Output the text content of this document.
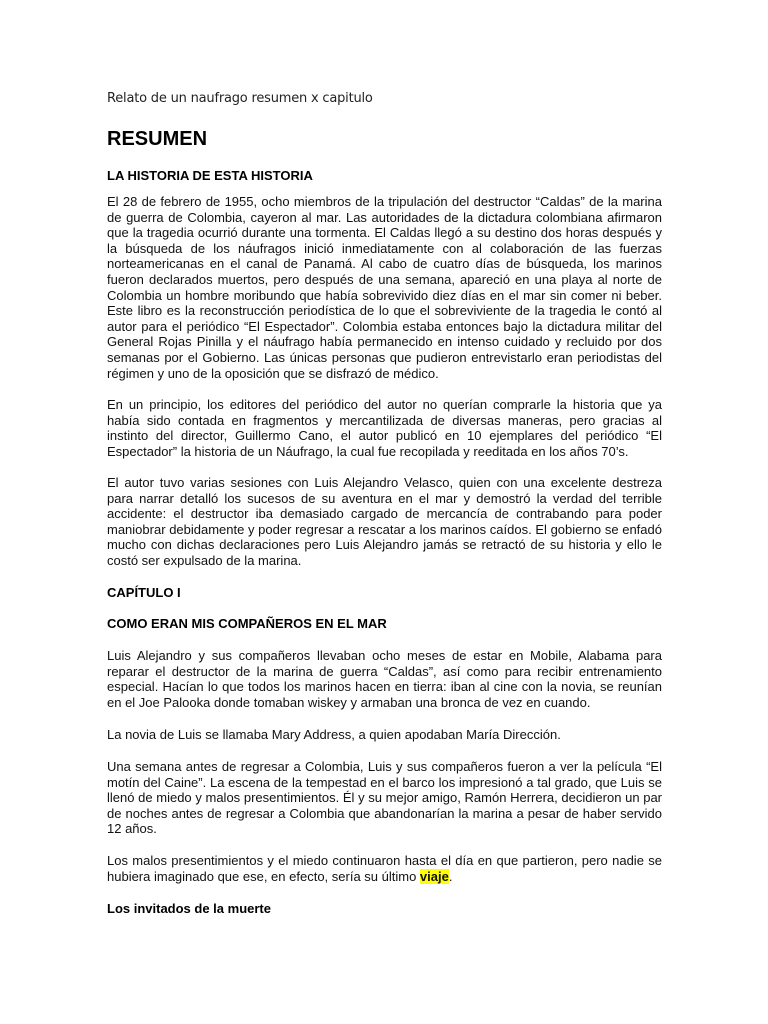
Relato de un naufrago resumen x capitulo
RESUMEN
LA HISTORIA DE ESTA HISTORIA
El 28 de febrero de 1955, ocho miembros de la tripulación del destructor “Caldas” de la marina de guerra de Colombia, cayeron al mar. Las autoridades de la dictadura colombiana afirmaron que la tragedia ocurrió durante una tormenta. El Caldas llegó a su destino dos horas después y la búsqueda de los náufragos inició inmediatamente con al colaboración de las fuerzas norteamericanas en el canal de Panamá. Al cabo de cuatro días de búsqueda, los marinos fueron declarados muertos, pero después de una semana, apareció en una playa al norte de Colombia un hombre moribundo que había sobrevivido diez días en el mar sin comer ni beber. Este libro es la reconstrucción periodística de lo que el sobreviviente de la tragedia le contó al autor para el periódico “El Espectador”. Colombia estaba entonces bajo la dictadura militar del General Rojas Pinilla y el náufrago había permanecido en intenso cuidado y recluido por dos semanas por el Gobierno. Las únicas personas que pudieron entrevistarlo eran periodistas del régimen y uno de la oposición que se disfrazó de médico.
En un principio, los editores del periódico del autor no querían comprarle la historia que ya había sido contada en fragmentos y mercantilizada de diversas maneras, pero gracias al instinto del director, Guillermo Cano, el autor publicó en 10 ejemplares del periódico “El Espectador” la historia de un Náufrago, la cual fue recopilada y reeditada en los años 70’s.
El autor tuvo varias sesiones con Luis Alejandro Velasco, quien con una excelente destreza para narrar detalló los sucesos de su aventura en el mar y demostró la verdad del terrible accidente: el destructor iba demasiado cargado de mercancía de contrabando para poder maniobrar debidamente y poder regresar a rescatar a los marinos caídos. El gobierno se enfadó mucho con dichas declaraciones pero Luis Alejandro jamás se retractó de su historia y ello le costó ser expulsado de la marina.
CAPÍTULO I
COMO ERAN MIS COMPAÑEROS EN EL MAR
Luis Alejandro y sus compañeros llevaban ocho meses de estar en Mobile, Alabama para reparar el destructor de la marina de guerra “Caldas”, así como para recibir entrenamiento especial. Hacían lo que todos los marinos hacen en tierra: iban al cine con la novia, se reunían en el Joe Palooka donde tomaban wiskey y armaban una bronca de vez en cuando.
La novia de Luis se llamaba Mary Address, a quien apodaban María Dirección.
Una semana antes de regresar a Colombia, Luis y sus compañeros fueron a ver la película “El motín del Caine”. La escena de la tempestad en el barco los impresionó a tal grado, que Luis se llenó de miedo y malos presentimientos. Él y su mejor amigo, Ramón Herrera, decidieron un par de noches antes de regresar a Colombia que abandonarían la marina a pesar de haber servido 12 años.
Los malos presentimientos y el miedo continuaron hasta el día en que partieron, pero nadie se hubiera imaginado que ese, en efecto, sería su último viaje.
Los invitados de la muerte
